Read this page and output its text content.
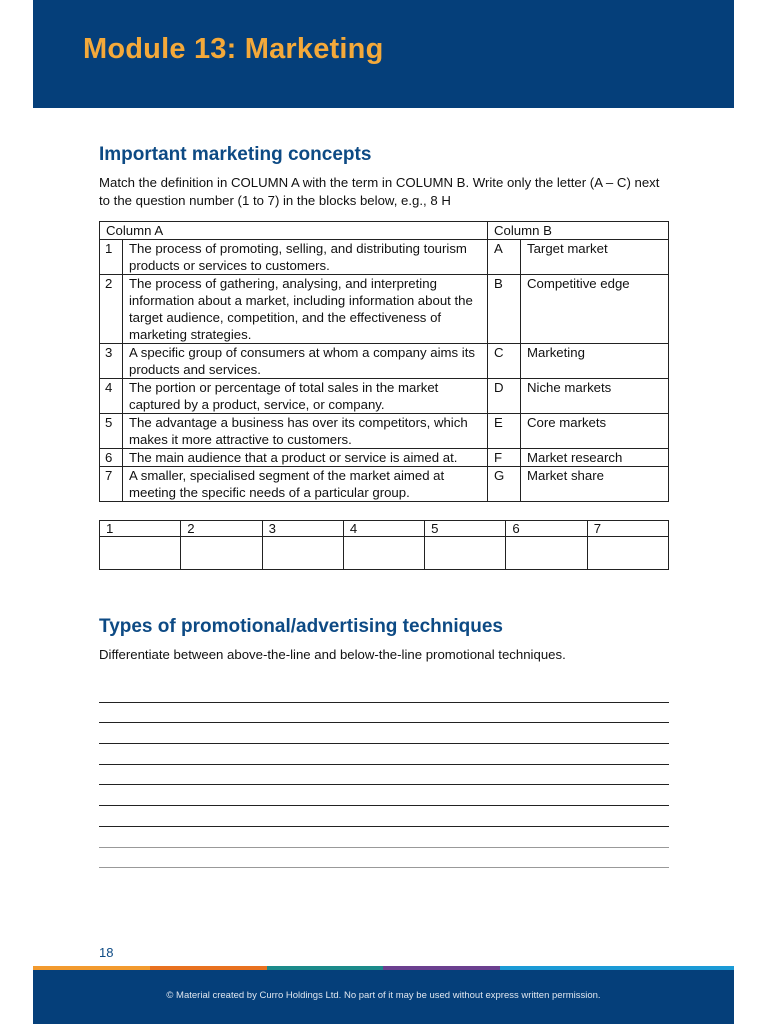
Module 13: Marketing
Important marketing concepts
Match the definition in COLUMN A with the term in COLUMN B. Write only the letter (A – C) next to the question number (1 to 7) in the blocks below, e.g., 8 H
Column A		Column B	
1	The process of promoting, selling, and distributing tourism products or services to customers.	A	Target market
2	The process of gathering, analysing, and interpreting information about a market, including information about the target audience, competition, and the effectiveness of marketing strategies.	B	Competitive edge
3	A specific group of consumers at whom a company aims its products and services.	C	Marketing
4	The portion or percentage of total sales in the market captured by a product, service, or company.	D	Niche markets
5	The advantage a business has over its competitors, which makes it more attractive to customers.	E	Core markets
6	The main audience that a product or service is aimed at.	F	Market research
7	A smaller, specialised segment of the market aimed at meeting the specific needs of a particular group.	G	Market share
1	2	3	4	5	6	7

Types of promotional/advertising techniques
Differentiate between above-the-line and below-the-line promotional techniques.
18
© Material created by Curro Holdings Ltd. No part of it may be used without express written permission.
